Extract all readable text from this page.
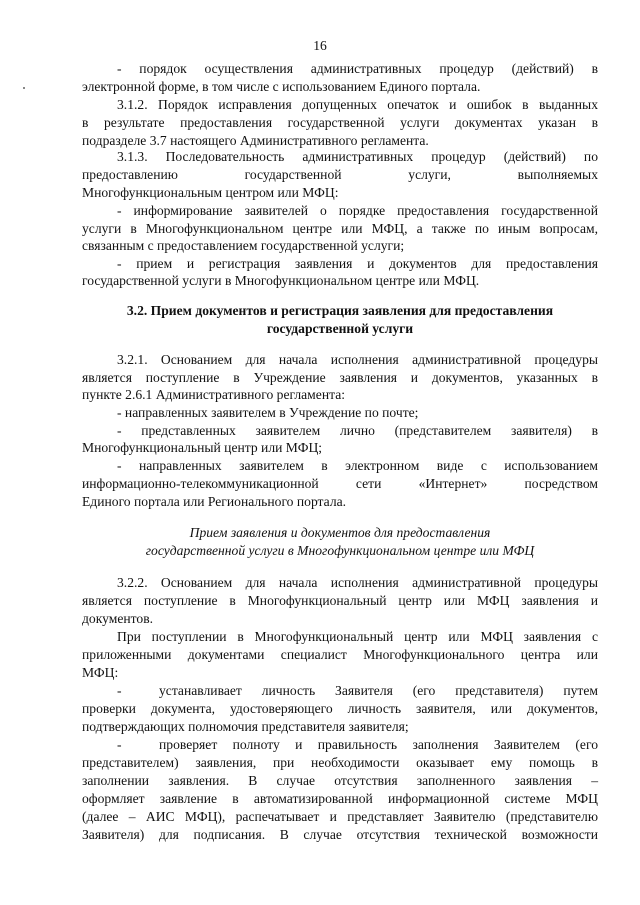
16
- порядок осуществления административных процедур (действий) в
электронной форме, в том числе с использованием Единого портала.
3.1.2. Порядок исправления допущенных опечаток и ошибок в выданных
в результате предоставления государственной услуги документах указан в
подразделе 3.7 настоящего Административного регламента.
3.1.3. Последовательность административных процедур (действий) по
предоставлению государственной услуги, выполняемых
Многофункциональным центром или МФЦ:
- информирование заявителей о порядке предоставления государственной
услуги в Многофункциональном центре или МФЦ, а также по иным вопросам,
связанным с предоставлением государственной услуги;
- прием и регистрация заявления и документов для предоставления
государственной услуги в Многофункциональном центре или МФЦ.
3.2. Прием документов и регистрация заявления для предоставления
государственной услуги
3.2.1. Основанием для начала исполнения административной процедуры
является поступление в Учреждение заявления и документов, указанных в
пункте 2.6.1 Административного регламента:
- направленных заявителем в Учреждение по почте;
- представленных заявителем лично (представителем заявителя) в
Многофункциональный центр или МФЦ;
- направленных заявителем в электронном виде с использованием
информационно-телекоммуникационной сети «Интернет» посредством
Единого портала или Регионального портала.
Прием заявления и документов для предоставления
государственной услуги в Многофункциональном центре или МФЦ
3.2.2. Основанием для начала исполнения административной процедуры
является поступление в Многофункциональный центр или МФЦ заявления и
документов.
При поступлении в Многофункциональный центр или МФЦ заявления с
приложенными документами специалист Многофункционального центра или
МФЦ:
-	устанавливает личность Заявителя (его представителя) путем
проверки документа, удостоверяющего личность заявителя, или документов,
подтверждающих полномочия представителя заявителя;
-	проверяет полноту и правильность заполнения Заявителем (его
представителем) заявления, при необходимости оказывает ему помощь в
заполнении заявления. В случае отсутствия заполненного заявления –
оформляет заявление в автоматизированной информационной системе МФЦ
(далее – АИС МФЦ), распечатывает и представляет Заявителю (представителю
Заявителя) для подписания. В случае отсутствия технической возможности
